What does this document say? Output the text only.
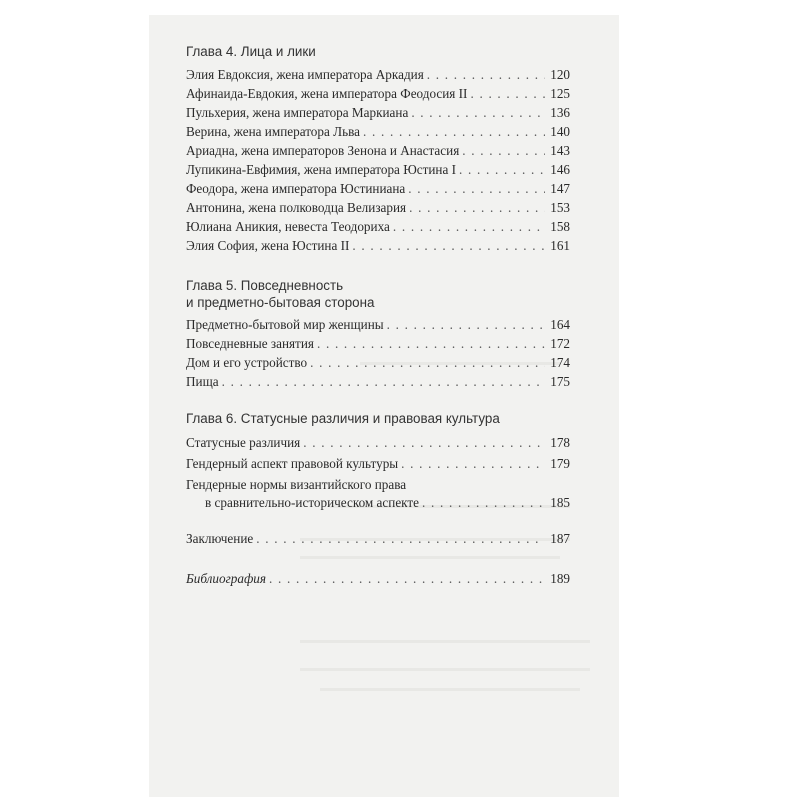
Глава 4. Лица и лики
Элия Евдоксия, жена императора Аркадия . . .	120
Афинаида-Евдокия, жена императора Феодосия II . . .	125
Пульхерия, жена императора Маркиана . . .	136
Верина, жена императора Льва . . .	140
Ариадна, жена императоров Зенона и Анастасия . . .	143
Лупикина-Евфимия, жена императора Юстина I . . .	146
Феодора, жена императора Юстиниана . . .	147
Антонина, жена полководца Велизария . . .	153
Юлиана Аникия, невеста Теодориха . . .	158
Элия София, жена Юстина II . . .	161
Глава 5. Повседневность
и предметно-бытовая сторона
Предметно-бытовой мир женщины . . .	164
Повседневные занятия . . .	172
Дом и его устройство . . .	174
Пища . . .	175
Глава 6. Статусные различия и правовая культура
Статусные различия . . .	178
Гендерный аспект правовой культуры . . .	179
Гендерные нормы византийского права
в сравнительно-историческом аспекте . . .	185
Заключение . . .	187
Библиография . . .	189
